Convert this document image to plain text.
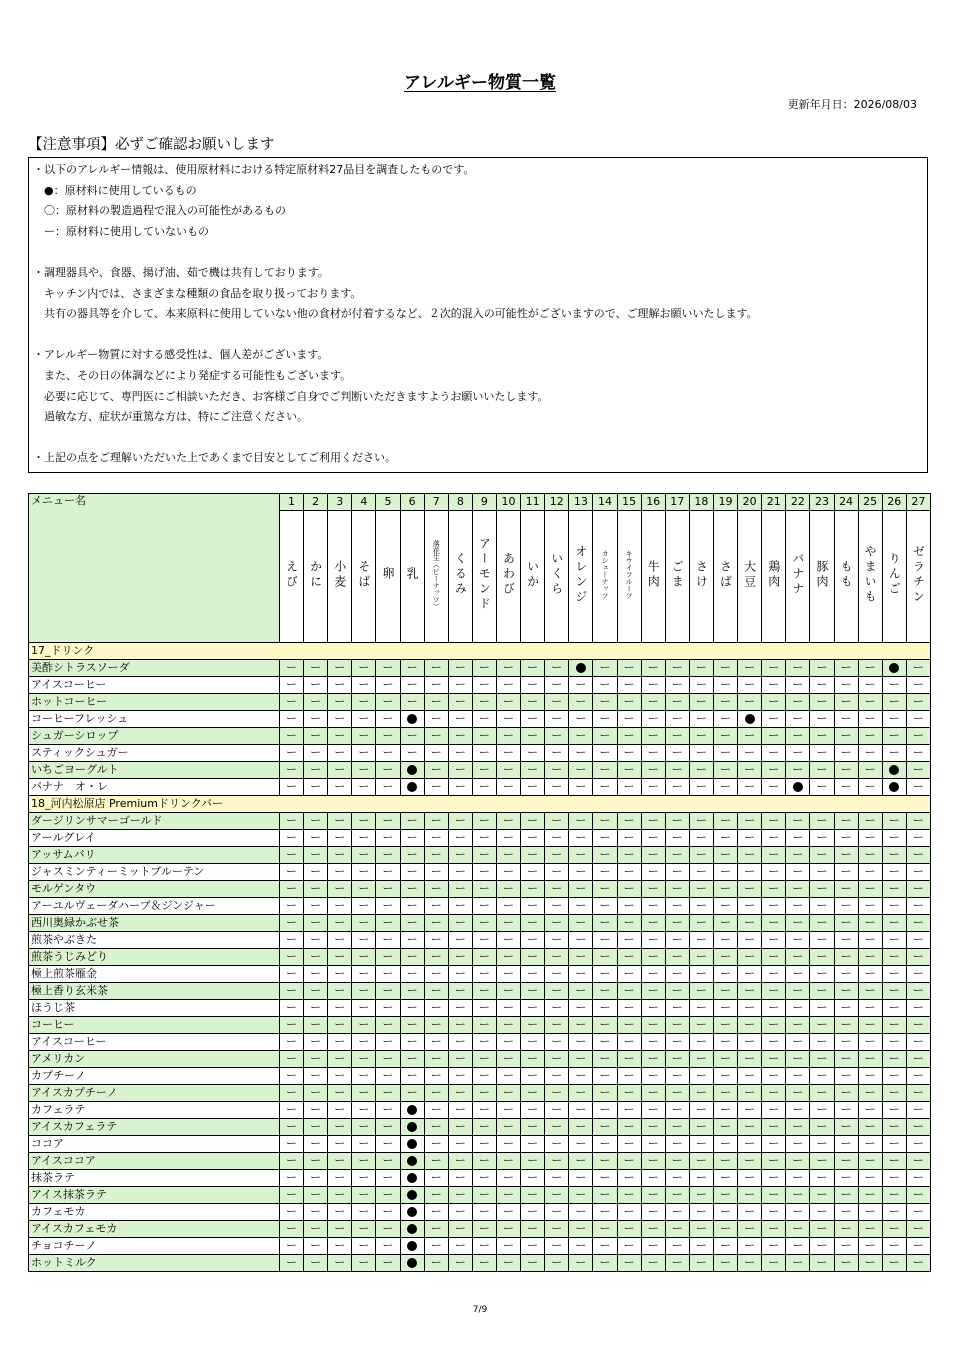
アレルギー物質一覧
更新年月日：2026/08/03
【注意事項】必ずご確認お願いします
・以下のアレルギー情報は、使用原材料における特定原材料27品目を調査したものです。
　●：原材料に使用しているもの
　〇：原材料の製造過程で混入の可能性があるもの
　ー：原材料に使用していないもの
・調理器具や、食器、揚げ油、茹で機は共有しております。
　キッチン内では、さまざまな種類の食品を取り扱っております。
　共有の器具等を介して、本来原料に使用していない他の食材が付着するなど、２次的混入の可能性がございますので、ご理解お願いいたします。
・アレルギー物質に対する感受性は、個人差がございます。
　また、その日の体調などにより発症する可能性もございます。
　必要に応じて、専門医にご相談いただき、お客様ご自身でご判断いただきますようお願いいたします。
　過敏な方、症状が重篤な方は、特にご注意ください。
・上記の点をご理解いただいた上であくまで目安としてご利用ください。
メニュー名	1	2	3	4	5	6	7	8	9	10	11	12	13	14	15	16	17	18	19	20	21	22	23	24	25	26	27
	えび	かに	小麦	そば	卵	乳	落花生（ピーナッツ）	くるみ	アーモンド	あわび	いか	いくら	オレンジ	カシューナッツ	キウイフルーツ	牛肉	ごま	さけ	さば	大豆	鶏肉	バナナ	豚肉	もも	やまいも	りんご	ゼラチン
17_ドリンク																											
美酢シトラスソーダ	ー	ー	ー	ー	ー	ー	ー	ー	ー	ー	ー	ー		ー	ー	ー	ー	ー	ー	ー	ー	ー	ー	ー	ー		ー
アイスコーヒー	ー	ー	ー	ー	ー	ー	ー	ー	ー	ー	ー	ー	ー	ー	ー	ー	ー	ー	ー	ー	ー	ー	ー	ー	ー	ー	ー
ホットコーヒー	ー	ー	ー	ー	ー	ー	ー	ー	ー	ー	ー	ー	ー	ー	ー	ー	ー	ー	ー	ー	ー	ー	ー	ー	ー	ー	ー
コーヒーフレッシュ	ー	ー	ー	ー	ー		ー	ー	ー	ー	ー	ー	ー	ー	ー	ー	ー	ー	ー		ー	ー	ー	ー	ー	ー	ー
シュガーシロップ	ー	ー	ー	ー	ー	ー	ー	ー	ー	ー	ー	ー	ー	ー	ー	ー	ー	ー	ー	ー	ー	ー	ー	ー	ー	ー	ー
スティックシュガー	ー	ー	ー	ー	ー	ー	ー	ー	ー	ー	ー	ー	ー	ー	ー	ー	ー	ー	ー	ー	ー	ー	ー	ー	ー	ー	ー
いちごヨーグルト	ー	ー	ー	ー	ー		ー	ー	ー	ー	ー	ー	ー	ー	ー	ー	ー	ー	ー	ー	ー	ー	ー	ー	ー		ー
バナナ　オ・レ	ー	ー	ー	ー	ー		ー	ー	ー	ー	ー	ー	ー	ー	ー	ー	ー	ー	ー	ー	ー		ー	ー	ー		ー
18_河内松原店 Premiumドリンクバー																											
ダージリンサマーゴールド	ー	ー	ー	ー	ー	ー	ー	ー	ー	ー	ー	ー	ー	ー	ー	ー	ー	ー	ー	ー	ー	ー	ー	ー	ー	ー	ー
アールグレイ	ー	ー	ー	ー	ー	ー	ー	ー	ー	ー	ー	ー	ー	ー	ー	ー	ー	ー	ー	ー	ー	ー	ー	ー	ー	ー	ー
アッサムバリ	ー	ー	ー	ー	ー	ー	ー	ー	ー	ー	ー	ー	ー	ー	ー	ー	ー	ー	ー	ー	ー	ー	ー	ー	ー	ー	ー
ジャスミンティーミットブルーテン	ー	ー	ー	ー	ー	ー	ー	ー	ー	ー	ー	ー	ー	ー	ー	ー	ー	ー	ー	ー	ー	ー	ー	ー	ー	ー	ー
モルゲンタウ	ー	ー	ー	ー	ー	ー	ー	ー	ー	ー	ー	ー	ー	ー	ー	ー	ー	ー	ー	ー	ー	ー	ー	ー	ー	ー	ー
アーユルヴェーダハーブ＆ジンジャー	ー	ー	ー	ー	ー	ー	ー	ー	ー	ー	ー	ー	ー	ー	ー	ー	ー	ー	ー	ー	ー	ー	ー	ー	ー	ー	ー
西川奥緑かぶせ茶	ー	ー	ー	ー	ー	ー	ー	ー	ー	ー	ー	ー	ー	ー	ー	ー	ー	ー	ー	ー	ー	ー	ー	ー	ー	ー	ー
煎茶やぶきた	ー	ー	ー	ー	ー	ー	ー	ー	ー	ー	ー	ー	ー	ー	ー	ー	ー	ー	ー	ー	ー	ー	ー	ー	ー	ー	ー
煎茶うじみどり	ー	ー	ー	ー	ー	ー	ー	ー	ー	ー	ー	ー	ー	ー	ー	ー	ー	ー	ー	ー	ー	ー	ー	ー	ー	ー	ー
極上煎茶雁金	ー	ー	ー	ー	ー	ー	ー	ー	ー	ー	ー	ー	ー	ー	ー	ー	ー	ー	ー	ー	ー	ー	ー	ー	ー	ー	ー
極上香り玄米茶	ー	ー	ー	ー	ー	ー	ー	ー	ー	ー	ー	ー	ー	ー	ー	ー	ー	ー	ー	ー	ー	ー	ー	ー	ー	ー	ー
ほうじ茶	ー	ー	ー	ー	ー	ー	ー	ー	ー	ー	ー	ー	ー	ー	ー	ー	ー	ー	ー	ー	ー	ー	ー	ー	ー	ー	ー
コーヒー	ー	ー	ー	ー	ー	ー	ー	ー	ー	ー	ー	ー	ー	ー	ー	ー	ー	ー	ー	ー	ー	ー	ー	ー	ー	ー	ー
アイスコーヒー	ー	ー	ー	ー	ー	ー	ー	ー	ー	ー	ー	ー	ー	ー	ー	ー	ー	ー	ー	ー	ー	ー	ー	ー	ー	ー	ー
アメリカン	ー	ー	ー	ー	ー	ー	ー	ー	ー	ー	ー	ー	ー	ー	ー	ー	ー	ー	ー	ー	ー	ー	ー	ー	ー	ー	ー
カプチーノ	ー	ー	ー	ー	ー	ー	ー	ー	ー	ー	ー	ー	ー	ー	ー	ー	ー	ー	ー	ー	ー	ー	ー	ー	ー	ー	ー
アイスカプチーノ	ー	ー	ー	ー	ー	ー	ー	ー	ー	ー	ー	ー	ー	ー	ー	ー	ー	ー	ー	ー	ー	ー	ー	ー	ー	ー	ー
カフェラテ	ー	ー	ー	ー	ー		ー	ー	ー	ー	ー	ー	ー	ー	ー	ー	ー	ー	ー	ー	ー	ー	ー	ー	ー	ー	ー
アイスカフェラテ	ー	ー	ー	ー	ー		ー	ー	ー	ー	ー	ー	ー	ー	ー	ー	ー	ー	ー	ー	ー	ー	ー	ー	ー	ー	ー
ココア	ー	ー	ー	ー	ー		ー	ー	ー	ー	ー	ー	ー	ー	ー	ー	ー	ー	ー	ー	ー	ー	ー	ー	ー	ー	ー
アイスココア	ー	ー	ー	ー	ー		ー	ー	ー	ー	ー	ー	ー	ー	ー	ー	ー	ー	ー	ー	ー	ー	ー	ー	ー	ー	ー
抹茶ラテ	ー	ー	ー	ー	ー		ー	ー	ー	ー	ー	ー	ー	ー	ー	ー	ー	ー	ー	ー	ー	ー	ー	ー	ー	ー	ー
アイス抹茶ラテ	ー	ー	ー	ー	ー		ー	ー	ー	ー	ー	ー	ー	ー	ー	ー	ー	ー	ー	ー	ー	ー	ー	ー	ー	ー	ー
カフェモカ	ー	ー	ー	ー	ー		ー	ー	ー	ー	ー	ー	ー	ー	ー	ー	ー	ー	ー	ー	ー	ー	ー	ー	ー	ー	ー
アイスカフェモカ	ー	ー	ー	ー	ー		ー	ー	ー	ー	ー	ー	ー	ー	ー	ー	ー	ー	ー	ー	ー	ー	ー	ー	ー	ー	ー
チョコチーノ	ー	ー	ー	ー	ー		ー	ー	ー	ー	ー	ー	ー	ー	ー	ー	ー	ー	ー	ー	ー	ー	ー	ー	ー	ー	ー
ホットミルク	ー	ー	ー	ー	ー		ー	ー	ー	ー	ー	ー	ー	ー	ー	ー	ー	ー	ー	ー	ー	ー	ー	ー	ー	ー	ー
7/9
